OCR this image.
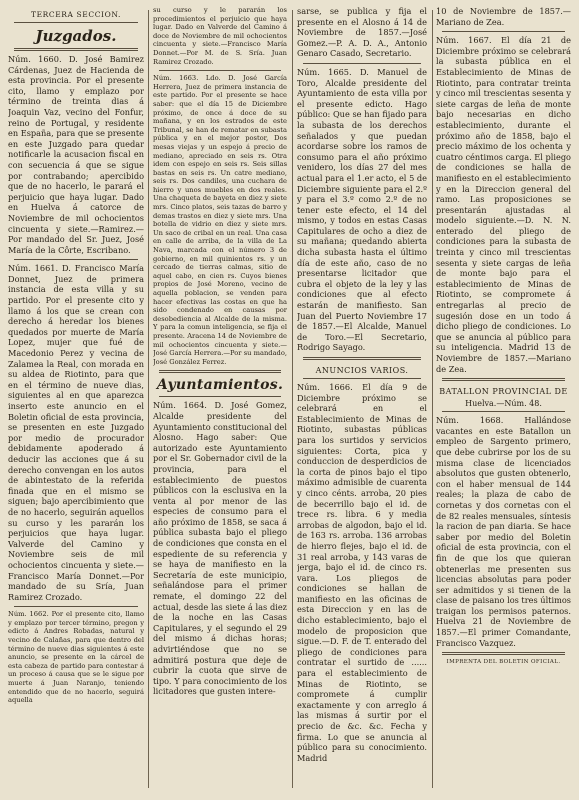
TERCERA SECCION.
Juzgados.

Núm. 1660. D. José Bamirez Cárdenas, Juez de Hacienda de esta provincia. Por el presente cito, llamo y emplazo por término de treinta dias á Joaquin Vaz, vecino del Fonfur, reino de Portugal, y residente en España, para que se presente en este Juzgado para quedar notificarle la acusacion fiscal en con secuencia á que se sigue por contrabando; apercibido que de no hacerlo, le parará el perjuicio que haya lugar. Dado en Huelva á catorce de Noviembre de mil ochocientos cincuenta y siete.—Ramirez.—Por mandado del Sr. Juez, José María de la Côrte, Escribano.

Núm. 1661. D. Francisco María Donnet, Juez de primera instancia de esta villa y su partido. Por el presente cito y llamo á los que se crean con derecho á heredar los bienes quedados por muerte de María Lopez, mujer que fué de Macedonio Perez y vecina de Zalamea la Real, con morada en su aldea de Riotinto, para que en el término de nueve dias, siguientes al en que aparezca inserto este anuncio en el Boletin oficial de esta provincia, se presenten en este Juzgado por medio de procurador debidamente apoderado á deducir las acciones que á su derecho convengan en los autos de abintestato de la referida finada que en el mismo se siguen; bajo apercibimiento que de no hacerlo, seguirán aquellos su curso y les pararán los perjuicios que haya lugar. Valverde del Camino y Noviembre seis de mil ochocientos cincuenta y siete.—Francisco María Donnet.—Por mandado de su Sría, Juan Ramirez Crozado.

Núm. 1662. Por el presente cito, llamo y emplazo por tercer término, pregon y edicto á Andres Robadas, natural y vecino de Calañas, para que dentro del término de nueve dias siguientes á este anuncio, se presente en la cárcel de esta cabeza de partido para contestar á un proceso á causa que se le sigue por muerte á Juan Naranjo, teniendo entendido que de no hacerlo, seguirá aquella

su curso y le pararán los procedimientos el perjuicio que haya lugar. Dado en Valverde del Camino á doce de Noviembre de mil ochocientos cincuenta y siete.—Francisco María Donnet.—Por M. de S. Sría. Juan Ramirez Crozado.

Núm. 1663. Ldo. D. José García Herrera, Juez de primera instancia de este partido. Por el presente se hace saber: que el día 15 de Diciembre próximo, de once á doce de su mañana, y en los estrados de este Tribunal, se han de rematar en subasta pública y en el mejor postor, Dos mesas viejas y un espejo á precio de mediano, apreciado en seis rs. Otra idem con espejo en seis rs. Seis sillas bastas en seis rs. Un catre mediano, seis rs. Dos candiles, una cuchara de hierro y unos muebles en dos reales. Una chaqueta de bayeta en diez y siete mrs. Cinco platos, seis tazas de barro y demas trastos en diez y siete mrs. Una botella de vidrio en diez y siete mrs. Un saco de cribal en un real. Una casa en calle de arriba, de la villa de La Nava, marcada con el número 3 de gobierno, en mil quinientos rs. y un cercado de tierras calmas, sitio de aquel cabo, en cien rs. Cuyos bienes propios de José Moreno, vecino de aquella poblacion, se venden para hacer efectivas las costas en que ha sido condenado en causas por desobediencia al Alcalde de la misma. Y para la comun inteligencia, se fija el presente. Aracena 14 de Noviembre de mil ochocientos cincuenta y siete.—José García Herrera.—Por su mandado, José González Ferrez.

Ayuntamientos.

Núm. 1664. D. José Gomez, Alcalde presidente del Ayuntamiento constitucional del Alosno. Hago saber: Que autorizado este Ayuntamiento por el Sr. Gobernador civil de la provincia, para el establecimiento de puestos públicos con la esclusiva en la venta al por menor de las especies de consumo para el año próximo de 1858, se saca á pública subasta bajo el pliego de condiciones que consta en el espediente de su referencia y se haya de manifiesto en la Secretaría de este municipio, señalándose para el primer remate, el domingo 22 del actual, desde las siete á las diez de la noche en las Casas Capitulares, y el segundo el 29 del mismo á dichas horas; advirtiéndose que no se admitirá postura que deje de cubrir la cuota que sirve de tipo. Y para conocimiento de los licitadores que gusten intere-

sarse, se publica y fija el presente en el Alosno á 14 de Noviembre de 1857.—José Gomez.—P. A. D. A., Antonio Genaro Casado, Secretario.

Núm. 1665. D. Manuel de Toro, Alcalde presidente del Ayuntamiento de esta villa por el presente edicto. Hago público: Que se han fijado para la subasta de los derechos señalados y que puedan acordarse sobre los ramos de consumo para el año próximo venidero, los días 27 del mes actual para el 1.er acto, el 5 de Diciembre siguiente para el 2.º y para el 3.º como 2.º de no tener este efecto, el 14 del mismo, y todos en estas Casas Capitulares de ocho a diez de su mañana; quedando abierta dicha subasta hasta el último día de este año, caso de no presentarse licitador que cubra el objeto de la ley y las condiciones que al efecto estarán de manifiesto. San Juan del Puerto Noviembre 17 de 1857.—El Alcalde, Manuel de Toro.—El Secretario, Rodrigo Sayago.

ANUNCIOS VARIOS.

Núm. 1666. El día 9 de Diciembre próximo se celebrará en el Establecimiento de Minas de Riotinto, subastas públicas para los surtidos y servicios siguientes: Corta, pica y conduccion de desperdicios de la corta de pinos bajo el tipo máximo admisible de cuarenta y cinco cénts. arroba, 20 pies de becerrillo bajo el id. de trece rs. libra. 6 y media arrobas de algodon, bajo el id. de 163 rs. arroba. 136 arrobas de hierro flejes, bajo el id. de 31 real arroba, y 143 varas de jerga, bajo el id. de cinco rs. vara. Los pliegos de condiciones se hallan de manifiesto en las oficinas de esta Direccion y en las de dicho establecimiento, bajo el modelo de proposicion que sigue.—D. F. de T. enterado del pliego de condiciones para contratar el surtido de ...... para el establecimiento de Minas de Riotinto, se compromete á cumplir exactamente y con arreglo á las mismas á surtir por el precio de &c. &c. Fecha y firma. Lo que se anuncia al público para su conocimiento. Madrid

10 de Noviembre de 1857.—Mariano de Zea.

Núm. 1667. El día 21 de Diciembre próximo se celebrará la subasta pública en el Establecimiento de Minas de Riotinto, para contratar treinta y cinco mil trescientas sesenta y siete cargas de leña de monte bajo necesarias en dicho establecimiento, durante el próximo año de 1858, bajo el precio máximo de los ochenta y cuatro céntimos carga. El pliego de condiciones se halla de manifiesto en el establecimiento y en la Direccion general del ramo. Las proposiciones se presentarán ajustadas al modelo siguiente.—D. N. N. enterado del pliego de condiciones para la subasta de treinta y cinco mil trescientas sesenta y siete cargas de leña de monte bajo para el establecimiento de Minas de Riotinto, se compromete á entregarlas al precio de sugesión dose en un todo á dicho pliego de condiciones. Lo que se anuncia al público para su inteligencia. Madrid 13 de Noviembre de 1857.—Mariano de Zea.

BATALLON PROVINCIAL DE
Huelva.—Núm. 48.

Núm. 1668. Hallándose vacantes en este Batallon un empleo de Sargento primero, que debe cubrirse por los de su misma clase de licenciados absolutos que gusten obtenerlo, con el haber mensual de 144 reales; la plaza de cabo de cornetas y dos cornetas con el de 82 reales mensuales, síntesis la racion de pan diaria. Se hace saber por medio del Boletin oficial de esta provincia, con el fin de que los que quieran obtenerlas me presenten sus licencias absolutas para poder ser admitidos y si tienen de la clase de paisano los tres últimos traigan los permisos paternos. Huelva 21 de Noviembre de 1857.—El primer Comandante, Francisco Vazquez.

IMPRENTA DEL BOLETIN OFICIAL.
